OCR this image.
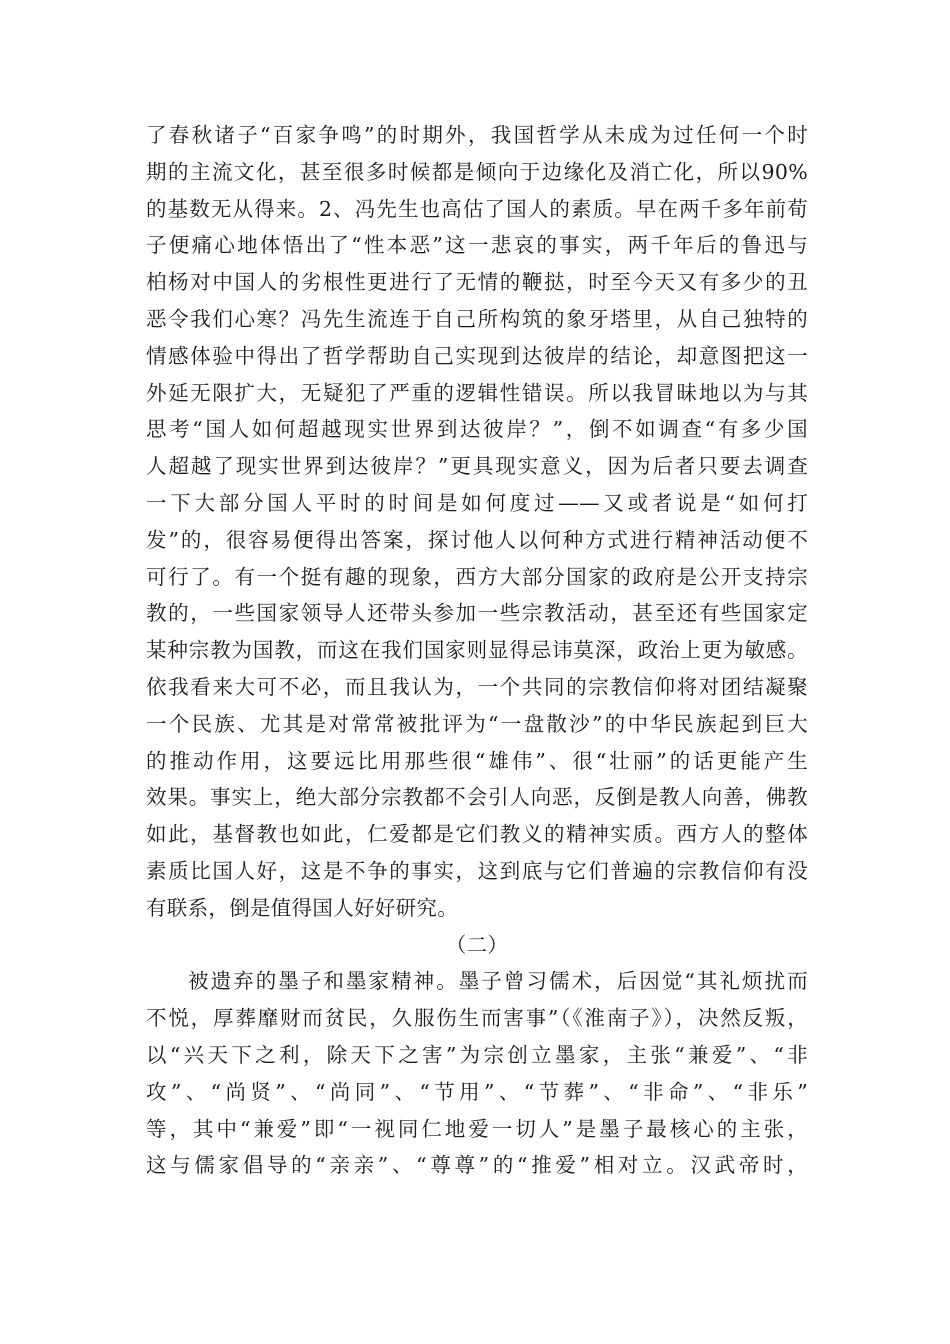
了春秋诸子“百家争鸣”的时期外，我国哲学从未成为过任何一个时
期的主流文化，甚至很多时候都是倾向于边缘化及消亡化，所以90%
的基数无从得来。2、冯先生也高估了国人的素质。早在两千多年前荀
子便痛心地体悟出了“性本恶”这一悲哀的事实，两千年后的鲁迅与
柏杨对中国人的劣根性更进行了无情的鞭挞，时至今天又有多少的丑
恶令我们心寒？冯先生流连于自己所构筑的象牙塔里，从自己独特的
情感体验中得出了哲学帮助自己实现到达彼岸的结论，却意图把这一
外延无限扩大，无疑犯了严重的逻辑性错误。所以我冒昧地以为与其
思考“国人如何超越现实世界到达彼岸？”，倒不如调查“有多少国
人超越了现实世界到达彼岸？”更具现实意义，因为后者只要去调查
一下大部分国人平时的时间是如何度过——又或者说是“如何打
发”的，很容易便得出答案，探讨他人以何种方式进行精神活动便不
可行了。有一个挺有趣的现象，西方大部分国家的政府是公开支持宗
教的，一些国家领导人还带头参加一些宗教活动，甚至还有些国家定
某种宗教为国教，而这在我们国家则显得忌讳莫深，政治上更为敏感。
依我看来大可不必，而且我认为，一个共同的宗教信仰将对团结凝聚
一个民族、尤其是对常常被批评为“一盘散沙”的中华民族起到巨大
的推动作用，这要远比用那些很“雄伟”、很“壮丽”的话更能产生
效果。事实上，绝大部分宗教都不会引人向恶，反倒是教人向善，佛教
如此，基督教也如此，仁爱都是它们教义的精神实质。西方人的整体
素质比国人好，这是不争的事实，这到底与它们普遍的宗教信仰有没
有联系，倒是值得国人好好研究。
（二）
被遗弃的墨子和墨家精神。墨子曾习儒术，后因觉“其礼烦扰而
不悦，厚葬靡财而贫民，久服伤生而害事”（《淮南子》），决然反叛，
以“兴天下之利，除天下之害”为宗创立墨家，主张“兼爱”、“非
攻”、“尚贤”、“尚同”、“节用”、“节葬”、“非命”、“非乐”
等，其中“兼爱”即“一视同仁地爱一切人”是墨子最核心的主张，
这与儒家倡导的“亲亲”、“尊尊”的“推爱”相对立。汉武帝时，
